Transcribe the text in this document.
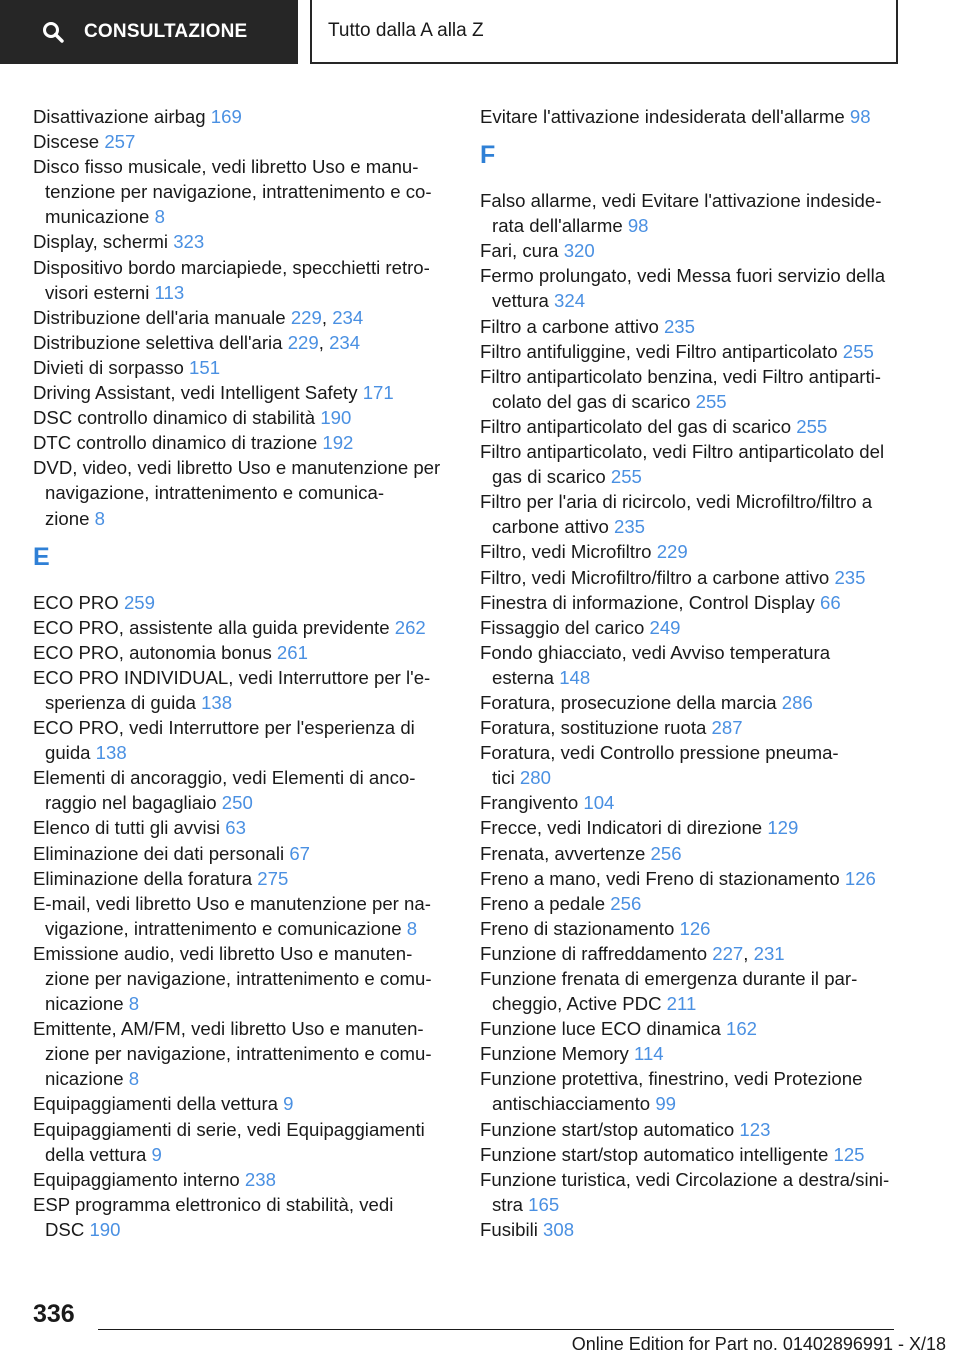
CONSULTAZIONE	Tutto dalla A alla Z
Disattivazione airbag 169
Discese 257
Disco fisso musicale, vedi libretto Uso e manu-
tenzione per navigazione, intrattenimento e co-
municazione 8
Display, schermi 323
Dispositivo bordo marciapiede, specchietti retro-
visori esterni 113
Distribuzione dell'aria manuale 229, 234
Distribuzione selettiva dell'aria 229, 234
Divieti di sorpasso 151
Driving Assistant, vedi Intelligent Safety 171
DSC controllo dinamico di stabilità 190
DTC controllo dinamico di trazione 192
DVD, video, vedi libretto Uso e manutenzione per
navigazione, intrattenimento e comunica-
zione 8
E
ECO PRO 259
ECO PRO, assistente alla guida previdente 262
ECO PRO, autonomia bonus 261
ECO PRO INDIVIDUAL, vedi Interruttore per l'e-
sperienza di guida 138
ECO PRO, vedi Interruttore per l'esperienza di
guida 138
Elementi di ancoraggio, vedi Elementi di anco-
raggio nel bagagliaio 250
Elenco di tutti gli avvisi 63
Eliminazione dei dati personali 67
Eliminazione della foratura 275
E-mail, vedi libretto Uso e manutenzione per na-
vigazione, intrattenimento e comunicazione 8
Emissione audio, vedi libretto Uso e manuten-
zione per navigazione, intrattenimento e comu-
nicazione 8
Emittente, AM/FM, vedi libretto Uso e manuten-
zione per navigazione, intrattenimento e comu-
nicazione 8
Equipaggiamenti della vettura 9
Equipaggiamenti di serie, vedi Equipaggiamenti
della vettura 9
Equipaggiamento interno 238
ESP programma elettronico di stabilità, vedi
DSC 190
Evitare l'attivazione indesiderata dell'allarme 98
F
Falso allarme, vedi Evitare l'attivazione indeside-
rata dell'allarme 98
Fari, cura 320
Fermo prolungato, vedi Messa fuori servizio della
vettura 324
Filtro a carbone attivo 235
Filtro antifuliggine, vedi Filtro antiparticolato 255
Filtro antiparticolato benzina, vedi Filtro antiparti-
colato del gas di scarico 255
Filtro antiparticolato del gas di scarico 255
Filtro antiparticolato, vedi Filtro antiparticolato del
gas di scarico 255
Filtro per l'aria di ricircolo, vedi Microfiltro/filtro a
carbone attivo 235
Filtro, vedi Microfiltro 229
Filtro, vedi Microfiltro/filtro a carbone attivo 235
Finestra di informazione, Control Display 66
Fissaggio del carico 249
Fondo ghiacciato, vedi Avviso temperatura
esterna 148
Foratura, prosecuzione della marcia 286
Foratura, sostituzione ruota 287
Foratura, vedi Controllo pressione pneuma-
tici 280
Frangivento 104
Frecce, vedi Indicatori di direzione 129
Frenata, avvertenze 256
Freno a mano, vedi Freno di stazionamento 126
Freno a pedale 256
Freno di stazionamento 126
Funzione di raffreddamento 227, 231
Funzione frenata di emergenza durante il par-
cheggio, Active PDC 211
Funzione luce ECO dinamica 162
Funzione Memory 114
Funzione protettiva, finestrino, vedi Protezione
antischiacciamento 99
Funzione start/stop automatico 123
Funzione start/stop automatico intelligente 125
Funzione turistica, vedi Circolazione a destra/sini-
stra 165
Fusibili 308
336
Online Edition for Part no. 01402896991 - X/18
